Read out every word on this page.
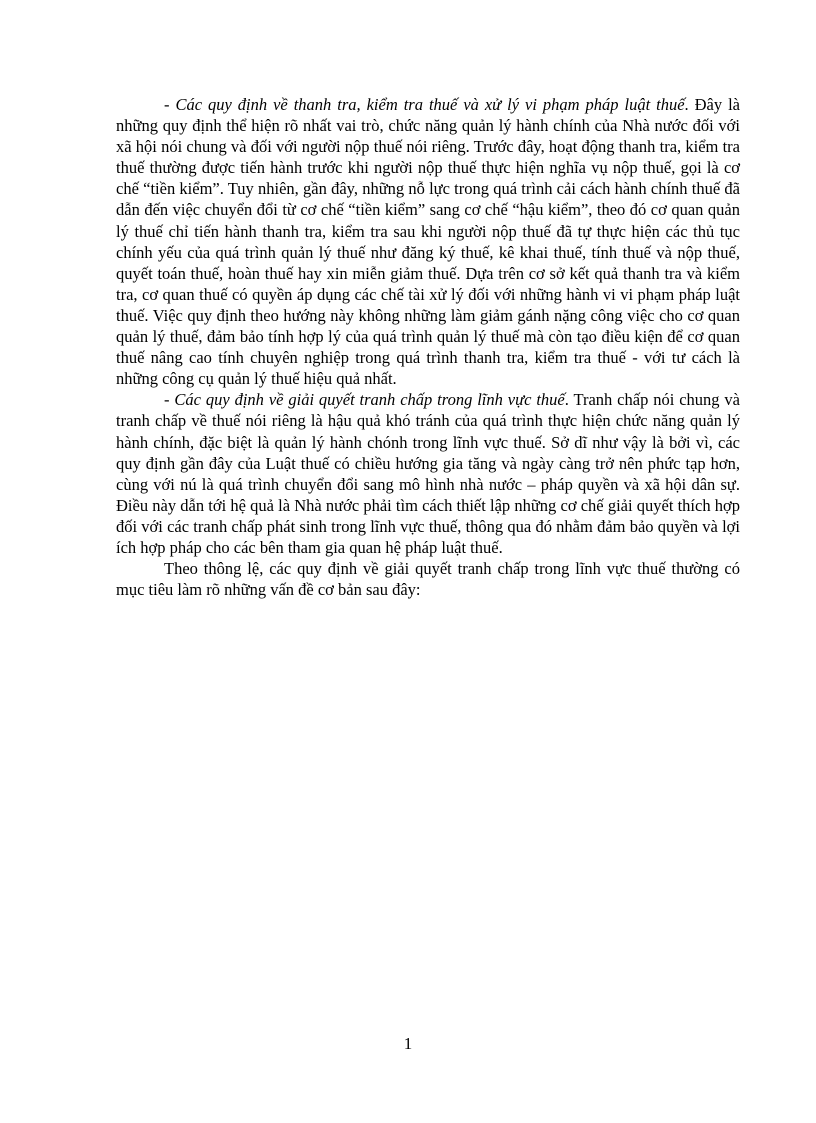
- Các quy định về thanh tra, kiểm tra thuế và xử lý vi phạm pháp luật thuế. Đây là những quy định thể hiện rõ nhất vai trò, chức năng quản lý hành chính của Nhà nước đối với xã hội nói chung và đối với người nộp thuế nói riêng. Trước đây, hoạt động thanh tra, kiểm tra thuế thường được tiến hành trước khi người nộp thuế thực hiện nghĩa vụ nộp thuế, gọi là cơ chế “tiền kiểm”. Tuy nhiên, gần đây, những nỗ lực trong quá trình cải cách hành chính thuế đã dẫn đến việc chuyển đổi từ cơ chế “tiền kiểm” sang cơ chế “hậu kiểm”, theo đó cơ quan quản lý thuế chỉ tiến hành thanh tra, kiểm tra sau khi người nộp thuế đã tự thực hiện các thủ tục chính yếu của quá trình quản lý thuế như đăng ký thuế, kê khai thuế, tính thuế và nộp thuế, quyết toán thuế, hoàn thuế hay xin miễn giảm thuế. Dựa trên cơ sở kết quả thanh tra và kiểm tra, cơ quan thuế có quyền áp dụng các chế tài xử lý đối với những hành vi vi phạm pháp luật thuế. Việc quy định theo hướng này không những làm giảm gánh nặng công việc cho cơ quan quản lý thuế, đảm bảo tính hợp lý của quá trình quản lý thuế mà còn tạo điều kiện để cơ quan thuế nâng cao tính chuyên nghiệp trong quá trình thanh tra, kiểm tra thuế - với tư cách là những công cụ quản lý thuế hiệu quả nhất.

- Các quy định về giải quyết tranh chấp trong lĩnh vực thuế. Tranh chấp nói chung và tranh chấp về thuế nói riêng là hậu quả khó tránh của quá trình thực hiện chức năng quản lý hành chính, đặc biệt là quản lý hành chónh trong lĩnh vực thuế. Sở dĩ như vậy là bởi vì, các quy định gần đây của Luật thuế có chiều hướng gia tăng và ngày càng trở nên phức tạp hơn, cùng với nú là quá trình chuyển đổi sang mô hình nhà nước – pháp quyền và xã hội dân sự. Điều này dẫn tới hệ quả là Nhà nước phải tìm cách thiết lập những cơ chế giải quyết thích hợp đối với các tranh chấp phát sinh trong lĩnh vực thuế, thông qua đó nhằm đảm bảo quyền và lợi ích hợp pháp cho các bên tham gia quan hệ pháp luật thuế.

Theo thông lệ, các quy định về giải quyết tranh chấp trong lĩnh vực thuế thường có mục tiêu làm rõ những vấn đề cơ bản sau đây:

1
